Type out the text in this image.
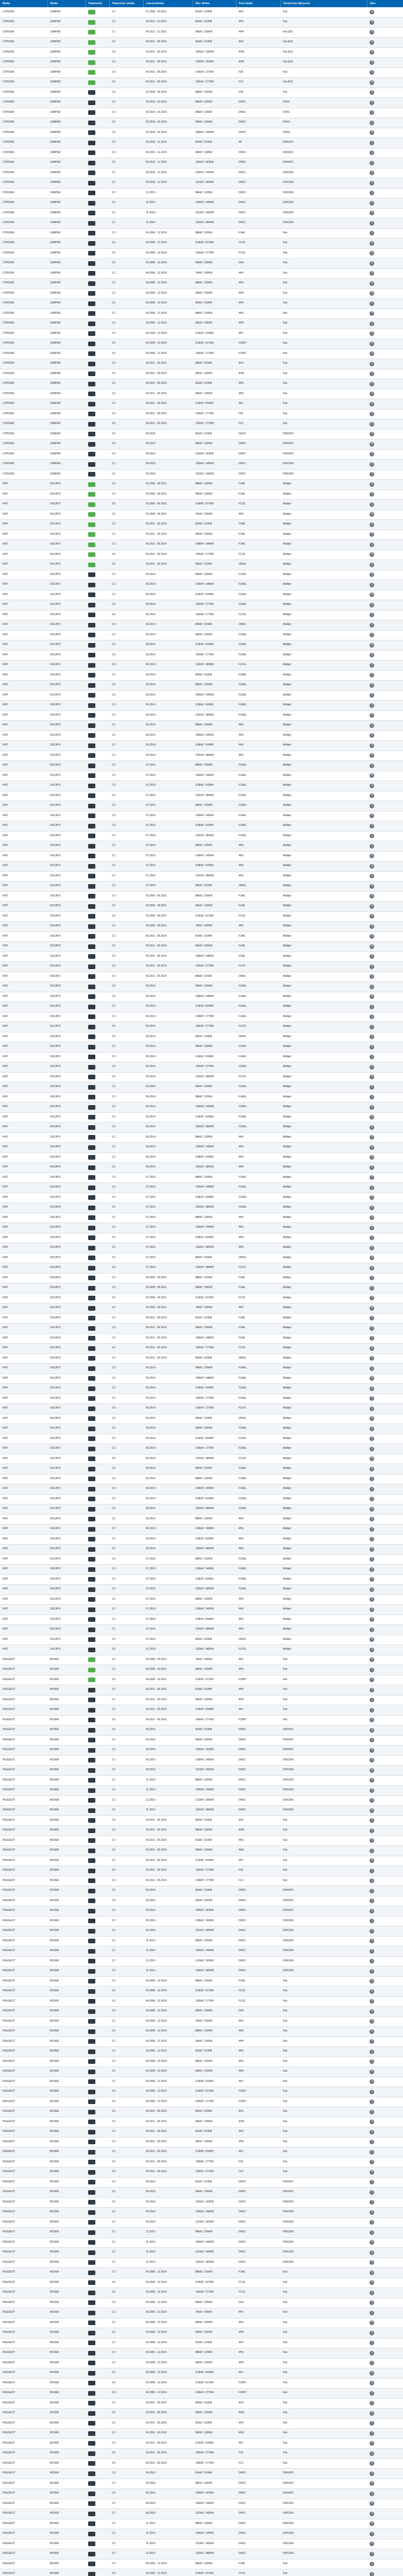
Marka	Model	Pojemność	Pojemność silnika	Lata produkcji	Moc silnika	Kod silnika	Oznaczenie fabryczne	Opis
CITROEN	JUMPER		2.2	07.2006 - 04.2011	81kW / 110KM	4HV	Fiat	i
CITROEN	JUMPER		2.2	04.2011 - 11.2015	81kW / 110KM	4HU	Fiat	i
CITROEN	JUMPER		2.2	04.2011 - 11.2015	96kW / 130KM	4HH	Fiat (E5)	i
CITROEN	JUMPER		2.0	04.2011 - 06.2016	81kW / 110KM	AHJ	Fiat (E5)	i
CITROEN	JUMPER		2.0	04.2011 - 06.2016	100kW / 136KM	AHN	Fiat (E5)	i
CITROEN	JUMPER		2.0	04.2011 - 06.2016	120kW / 163KM	AHG	Fiat (E5)	i
CITROEN	JUMPER		3.0	04.2011 - 06.2016	130kW / 177KM	F30	Fiat	i
CITROEN	JUMPER		3.0	04.2011 - 06.2016	130kW / 177KM	F1C	Fiat (E5)	i
CITROEN	JUMPER		1.6	02.2014 - 06.2016	88kW / 120KM	D30	Fiat	i
CITROEN	JUMPER		1.6	02.2014 - 06.2016	88kW / 120KM	DW10	DV6C	i
CITROEN	JUMPER		1.6	02.2014 - 06.2016	95kW / 130KM	DW10	DV6C	i
CITROEN	JUMPER		2.0	02.2014 - 06.2016	96kW / 130KM	DW10	DW10	i
CITROEN	JUMPER		2.0	02.2014 - 06.2016	100kW / 136KM	DW10	DW10	i
CITROEN	JUMPER		2.0	06.2016 - 11.2019	81kW / 110KM	4H	DW10FC	i
CITROEN	JUMPER		2.0	06.2016 - 11.2019	96kW / 130KM	DW10	DW10FC	i
CITROEN	JUMPER		2.0	06.2016 - 11.2019	120kW / 163KM	DW10	DW10FC	i
CITROEN	JUMPER		2.2	06.2016 - 11.2019	103kW / 140KM	DW12	DW12RU	i
CITROEN	JUMPER		2.2	06.2016 - 11.2019	121kW / 165KM	DW12	DW12RU	i
CITROEN	JUMPER		2.2	11.2019 -	88kW / 120KM	DW12	DW12RU	i
CITROEN	JUMPER		2.2	11.2019 -	103kW / 140KM	DW12	DW12RU	i
CITROEN	JUMPER		2.2	11.2019 -	121kW / 165KM	DW12	DW12RU	i
CITROEN	JUMPER		2.2	11.2019 -	132kW / 180KM	DW12	DW12RU	i
CITROEN	JUMPER		2.3	04.2006 - 12.2014	88kW / 120KM	F1AE	Fiat	i
CITROEN	JUMPER		3.0	04.2006 - 12.2014	116kW / 157KM	F1CE	Fiat	i
CITROEN	JUMPER		3.0	04.2006 - 12.2014	130kW / 177KM	F1CE	Fiat	i
CITROEN	JUMPER		2.0	04.2006 - 12.2014	80kW / 109KM	D4U	Fiat	i
CITROEN	JUMPER		2.2	04.2006 - 12.2014	74kW / 100KM	4HV	Fiat	i
CITROEN	JUMPER		2.2	04.2006 - 12.2014	88kW / 120KM	4HU	Fiat	i
CITROEN	JUMPER		2.2	04.2006 - 12.2014	96kW / 130KM	4HH	Fiat	i
CITROEN	JUMPER		2.2	04.2006 - 12.2014	81kW / 110KM	4HV	Fiat	i
CITROEN	JUMPER		2.2	04.2006 - 12.2014	88kW / 120KM	4HU	Fiat	i
CITROEN	JUMPER		2.2	04.2006 - 12.2014	96kW / 130KM	4HH	Fiat	i
CITROEN	JUMPER		2.2	04.2006 - 12.2014	110kW / 150KM	4HJ	Fiat	i
CITROEN	JUMPER		3.0	04.2006 - 12.2014	116kW / 157KM	F30DT	Fiat	i
CITROEN	JUMPER		3.0	04.2006 - 12.2014	130kW / 177KM	F30DT	Fiat	i
CITROEN	JUMPER		2.0	04.2011 - 06.2016	85kW / 115KM	AHJ	Fiat	i
CITROEN	JUMPER		2.0	04.2011 - 06.2016	96kW / 130KM	AHN	Fiat	i
CITROEN	JUMPER		2.2	04.2011 - 06.2016	81kW / 110KM	4HU	Fiat	i
CITROEN	JUMPER		2.2	04.2011 - 06.2016	96kW / 130KM	4HG	Fiat	i
CITROEN	JUMPER		2.2	04.2011 - 06.2016	110kW / 150KM	4HJ	Fiat	i
CITROEN	JUMPER		3.0	04.2011 - 06.2016	130kW / 177KM	F30	Fiat	i
CITROEN	JUMPER		3.0	04.2011 - 06.2016	130kW / 177KM	F1C	Fiat	i
CITROEN	JUMPER		2.0	06.2016 -	81kW / 110KM	DW10	DW10FD	i
CITROEN	JUMPER		2.0	06.2016 -	96kW / 130KM	DW10	DW10FD	i
CITROEN	JUMPER		2.0	06.2016 -	120kW / 163KM	DW10	DW10FD	i
CITROEN	JUMPER		2.2	06.2016 -	103kW / 140KM	DW12	DW12RU	i
CITROEN	JUMPER		2.2	06.2016 -	121kW / 165KM	DW12	DW12RU	i
FIAT	DUCATO		2.3	03.2006 - 06.2011	88kW / 120KM	F1AE	Multijet	i
FIAT	DUCATO		2.3	03.2006 - 06.2011	96kW / 130KM	F1AE	Multijet	i
FIAT	DUCATO		3.0	03.2006 - 06.2011	116kW / 157KM	F1CE	Multijet	i
FIAT	DUCATO		2.2	03.2006 - 06.2011	74kW / 100KM	4HV	Multijet	i
FIAT	DUCATO		2.3	06.2011 - 06.2014	81kW / 110KM	F1AE	Multijet	i
FIAT	DUCATO		2.3	06.2011 - 06.2014	96kW / 130KM	F1AE	Multijet	i
FIAT	DUCATO		2.3	06.2011 - 06.2014	109kW / 148KM	F1AE	Multijet	i
FIAT	DUCATO		3.0	06.2011 - 06.2014	130kW / 177KM	F1CE	Multijet	i
FIAT	DUCATO		2.0	06.2011 - 06.2014	85kW / 115KM	250A1	Multijet	i
FIAT	DUCATO		2.3	06.2014 -	96kW / 130KM	F1AGL	Multijet	i
FIAT	DUCATO		2.3	06.2014 -	109kW / 148KM	F1AGL	Multijet	i
FIAT	DUCATO		2.3	06.2014 -	110kW / 150KM	F1AGL	Multijet	i
FIAT	DUCATO		2.3	06.2014 -	130kW / 177KM	F1AGL	Multijet	i
FIAT	DUCATO		3.0	06.2014 -	130kW / 177KM	F1CFL	Multijet	i
FIAT	DUCATO		2.0	06.2014 -	85kW / 115KM	250A1	Multijet	i
FIAT	DUCATO		2.3	06.2014 -	96kW / 130KM	F1AGL	Multijet	i
FIAT	DUCATO		2.3	06.2014 -	110kW / 150KM	F1AGL	Multijet	i
FIAT	DUCATO		2.3	06.2014 -	130kW / 177KM	F1AGL	Multijet	i
FIAT	DUCATO		3.0	06.2014 -	132kW / 180KM	F1CFL	Multijet	i
FIAT	DUCATO		2.3	06.2014 -	85kW / 115KM	F1AGL	Multijet	i
FIAT	DUCATO		2.3	06.2014 -	88kW / 120KM	F1AGL	Multijet	i
FIAT	DUCATO		2.3	06.2014 -	103kW / 140KM	F1AGL	Multijet	i
FIAT	DUCATO		2.3	06.2014 -	118kW / 160KM	F1AGL	Multijet	i
FIAT	DUCATO		2.3	06.2014 -	132kW / 180KM	F1AGL	Multijet	i
FIAT	DUCATO		2.2	06.2014 -	88kW / 120KM	4HU	Multijet	i
FIAT	DUCATO		2.2	06.2014 -	103kW / 140KM	4HU	Multijet	i
FIAT	DUCATO		2.2	06.2014 -	118kW / 160KM	4HU	Multijet	i
FIAT	DUCATO		2.2	06.2014 -	132kW / 180KM	4HU	Multijet	i
FIAT	DUCATO		2.3	07.2019 -	88kW / 120KM	F1AGL	Multijet	i
FIAT	DUCATO		2.3	07.2019 -	103kW / 140KM	F1AGL	Multijet	i
FIAT	DUCATO		2.3	07.2019 -	118kW / 160KM	F1AGL	Multijet	i
FIAT	DUCATO		2.3	07.2019 -	132kW / 180KM	F1AGL	Multijet	i
FIAT	DUCATO		2.3	07.2019 -	88kW / 120KM	F1AGL	Multijet	i
FIAT	DUCATO		2.3	07.2019 -	103kW / 140KM	F1AGL	Multijet	i
FIAT	DUCATO		2.3	07.2019 -	118kW / 160KM	F1AGL	Multijet	i
FIAT	DUCATO		2.3	07.2019 -	132kW / 180KM	F1AGL	Multijet	i
FIAT	DUCATO		2.2	07.2019 -	88kW / 120KM	4HU	Multijet	i
FIAT	DUCATO		2.2	07.2019 -	103kW / 140KM	4HU	Multijet	i
FIAT	DUCATO		2.2	07.2019 -	118kW / 160KM	4HU	Multijet	i
FIAT	DUCATO		2.2	07.2019 -	132kW / 180KM	4HU	Multijet	i
FIAT	DUCATO		2.0	07.2019 -	85kW / 115KM	250A1	Multijet	i
FIAT	DUCATO		2.3	03.2006 - 06.2011	88kW / 120KM	F1AE	Multijet	i
FIAT	DUCATO		2.3	03.2006 - 06.2011	96kW / 130KM	F1AE	Multijet	i
FIAT	DUCATO		3.0	03.2006 - 06.2011	116kW / 157KM	F1CE	Multijet	i
FIAT	DUCATO		2.2	03.2006 - 06.2011	74kW / 100KM	4HV	Multijet	i
FIAT	DUCATO		2.3	06.2011 - 06.2014	81kW / 110KM	F1AE	Multijet	i
FIAT	DUCATO		2.3	06.2011 - 06.2014	96kW / 130KM	F1AE	Multijet	i
FIAT	DUCATO		2.3	06.2011 - 06.2014	109kW / 148KM	F1AE	Multijet	i
FIAT	DUCATO		3.0	06.2011 - 06.2014	130kW / 177KM	F1CE	Multijet	i
FIAT	DUCATO		2.0	06.2011 - 06.2014	85kW / 115KM	250A1	Multijet	i
FIAT	DUCATO		2.3	06.2014 -	96kW / 130KM	F1AGL	Multijet	i
FIAT	DUCATO		2.3	06.2014 -	109kW / 148KM	F1AGL	Multijet	i
FIAT	DUCATO		2.3	06.2014 -	110kW / 150KM	F1AGL	Multijet	i
FIAT	DUCATO		2.3	06.2014 -	130kW / 177KM	F1AGL	Multijet	i
FIAT	DUCATO		3.0	06.2014 -	130kW / 177KM	F1CFL	Multijet	i
FIAT	DUCATO		2.0	06.2014 -	85kW / 115KM	250A1	Multijet	i
FIAT	DUCATO		2.3	06.2014 -	96kW / 130KM	F1AGL	Multijet	i
FIAT	DUCATO		2.3	06.2014 -	110kW / 150KM	F1AGL	Multijet	i
FIAT	DUCATO		2.3	06.2014 -	130kW / 177KM	F1AGL	Multijet	i
FIAT	DUCATO		3.0	06.2014 -	132kW / 180KM	F1CFL	Multijet	i
FIAT	DUCATO		2.3	06.2014 -	85kW / 115KM	F1AGL	Multijet	i
FIAT	DUCATO		2.3	06.2014 -	88kW / 120KM	F1AGL	Multijet	i
FIAT	DUCATO		2.3	06.2014 -	103kW / 140KM	F1AGL	Multijet	i
FIAT	DUCATO		2.3	06.2014 -	118kW / 160KM	F1AGL	Multijet	i
FIAT	DUCATO		2.3	06.2014 -	132kW / 180KM	F1AGL	Multijet	i
FIAT	DUCATO		2.2	06.2014 -	88kW / 120KM	4HU	Multijet	i
FIAT	DUCATO		2.2	06.2014 -	103kW / 140KM	4HU	Multijet	i
FIAT	DUCATO		2.2	06.2014 -	118kW / 160KM	4HU	Multijet	i
FIAT	DUCATO		2.2	06.2014 -	132kW / 180KM	4HU	Multijet	i
FIAT	DUCATO		2.3	07.2019 -	88kW / 120KM	F1AGL	Multijet	i
FIAT	DUCATO		2.3	07.2019 -	103kW / 140KM	F1AGL	Multijet	i
FIAT	DUCATO		2.3	07.2019 -	118kW / 160KM	F1AGL	Multijet	i
FIAT	DUCATO		2.3	07.2019 -	132kW / 180KM	F1AGL	Multijet	i
FIAT	DUCATO		2.2	07.2019 -	88kW / 120KM	4HU	Multijet	i
FIAT	DUCATO		2.2	07.2019 -	103kW / 140KM	4HU	Multijet	i
FIAT	DUCATO		2.2	07.2019 -	118kW / 160KM	4HU	Multijet	i
FIAT	DUCATO		2.2	07.2019 -	132kW / 180KM	4HU	Multijet	i
FIAT	DUCATO		2.0	07.2019 -	85kW / 115KM	250A1	Multijet	i
FIAT	DUCATO		3.0	07.2019 -	132kW / 180KM	F1CFL	Multijet	i
FIAT	DUCATO		2.3	03.2006 - 06.2011	88kW / 120KM	F1AE	Multijet	i
FIAT	DUCATO		2.3	03.2006 - 06.2011	96kW / 130KM	F1AE	Multijet	i
FIAT	DUCATO		3.0	03.2006 - 06.2011	116kW / 157KM	F1CE	Multijet	i
FIAT	DUCATO		2.2	03.2006 - 06.2011	74kW / 100KM	4HV	Multijet	i
FIAT	DUCATO		2.3	06.2011 - 06.2014	81kW / 110KM	F1AE	Multijet	i
FIAT	DUCATO		2.3	06.2011 - 06.2014	96kW / 130KM	F1AE	Multijet	i
FIAT	DUCATO		2.3	06.2011 - 06.2014	109kW / 148KM	F1AE	Multijet	i
FIAT	DUCATO		3.0	06.2011 - 06.2014	130kW / 177KM	F1CE	Multijet	i
FIAT	DUCATO		2.0	06.2011 - 06.2014	85kW / 115KM	250A1	Multijet	i
FIAT	DUCATO		2.3	06.2014 -	96kW / 130KM	F1AGL	Multijet	i
FIAT	DUCATO		2.3	06.2014 -	109kW / 148KM	F1AGL	Multijet	i
FIAT	DUCATO		2.3	06.2014 -	110kW / 150KM	F1AGL	Multijet	i
FIAT	DUCATO		2.3	06.2014 -	130kW / 177KM	F1AGL	Multijet	i
FIAT	DUCATO		3.0	06.2014 -	130kW / 177KM	F1CFL	Multijet	i
FIAT	DUCATO		2.0	06.2014 -	85kW / 115KM	250A1	Multijet	i
FIAT	DUCATO		2.3	06.2014 -	96kW / 130KM	F1AGL	Multijet	i
FIAT	DUCATO		2.3	06.2014 -	110kW / 150KM	F1AGL	Multijet	i
FIAT	DUCATO		2.3	06.2014 -	130kW / 177KM	F1AGL	Multijet	i
FIAT	DUCATO		3.0	06.2014 -	132kW / 180KM	F1CFL	Multijet	i
FIAT	DUCATO		2.3	06.2014 -	85kW / 115KM	F1AGL	Multijet	i
FIAT	DUCATO		2.3	06.2014 -	88kW / 120KM	F1AGL	Multijet	i
FIAT	DUCATO		2.3	06.2014 -	103kW / 140KM	F1AGL	Multijet	i
FIAT	DUCATO		2.3	06.2014 -	118kW / 160KM	F1AGL	Multijet	i
FIAT	DUCATO		2.3	06.2014 -	132kW / 180KM	F1AGL	Multijet	i
FIAT	DUCATO		2.2	06.2014 -	88kW / 120KM	4HU	Multijet	i
FIAT	DUCATO		2.2	06.2014 -	103kW / 140KM	4HU	Multijet	i
FIAT	DUCATO		2.2	06.2014 -	118kW / 160KM	4HU	Multijet	i
FIAT	DUCATO		2.2	06.2014 -	132kW / 180KM	4HU	Multijet	i
FIAT	DUCATO		2.3	07.2019 -	88kW / 120KM	F1AGL	Multijet	i
FIAT	DUCATO		2.3	07.2019 -	103kW / 140KM	F1AGL	Multijet	i
FIAT	DUCATO		2.3	07.2019 -	118kW / 160KM	F1AGL	Multijet	i
FIAT	DUCATO		2.3	07.2019 -	132kW / 180KM	F1AGL	Multijet	i
FIAT	DUCATO		2.2	07.2019 -	88kW / 120KM	4HU	Multijet	i
FIAT	DUCATO		2.2	07.2019 -	103kW / 140KM	4HU	Multijet	i
FIAT	DUCATO		2.2	07.2019 -	118kW / 160KM	4HU	Multijet	i
FIAT	DUCATO		2.2	07.2019 -	132kW / 180KM	4HU	Multijet	i
FIAT	DUCATO		2.0	07.2019 -	85kW / 115KM	250A1	Multijet	i
FIAT	DUCATO		3.0	07.2019 -	132kW / 180KM	F1CFL	Multijet	i
PEUGEOT	BOXER		2.2	04.2006 - 04.2011	74kW / 100KM	4HV	Fiat	i
PEUGEOT	BOXER		2.2	04.2006 - 04.2011	88kW / 120KM	4HU	Fiat	i
PEUGEOT	BOXER		3.0	04.2006 - 04.2011	116kW / 157KM	F30DT	Fiat	i
PEUGEOT	BOXER		2.2	04.2011 - 06.2016	81kW / 110KM	4HU	Fiat	i
PEUGEOT	BOXER		2.2	04.2011 - 06.2016	96kW / 130KM	4HH	Fiat	i
PEUGEOT	BOXER		2.2	04.2011 - 06.2016	110kW / 150KM	4HJ	Fiat	i
PEUGEOT	BOXER		3.0	04.2011 - 06.2016	130kW / 177KM	F30DT	Fiat	i
PEUGEOT	BOXER		2.0	06.2016 -	81kW / 110KM	DW10	DW10FD	i
PEUGEOT	BOXER		2.0	06.2016 -	96kW / 130KM	DW10	DW10FD	i
PEUGEOT	BOXER		2.0	06.2016 -	120kW / 163KM	DW10	DW10FD	i
PEUGEOT	BOXER		2.2	06.2016 -	103kW / 140KM	DW12	DW12RU	i
PEUGEOT	BOXER		2.2	06.2016 -	121kW / 165KM	DW12	DW12RU	i
PEUGEOT	BOXER		2.2	11.2019 -	88kW / 120KM	DW12	DW12RU	i
PEUGEOT	BOXER		2.2	11.2019 -	103kW / 140KM	DW12	DW12RU	i
PEUGEOT	BOXER		2.2	11.2019 -	121kW / 165KM	DW12	DW12RU	i
PEUGEOT	BOXER		2.2	11.2019 -	132kW / 180KM	DW12	DW12RU	i
PEUGEOT	BOXER		2.0	04.2011 - 06.2016	85kW / 115KM	AHJ	Fiat	i
PEUGEOT	BOXER		2.0	04.2011 - 06.2016	96kW / 130KM	AHN	Fiat	i
PEUGEOT	BOXER		2.2	04.2011 - 06.2016	81kW / 110KM	4HU	Fiat	i
PEUGEOT	BOXER		2.2	04.2011 - 06.2016	96kW / 130KM	4HG	Fiat	i
PEUGEOT	BOXER		2.2	04.2011 - 06.2016	110kW / 150KM	4HJ	Fiat	i
PEUGEOT	BOXER		3.0	04.2011 - 06.2016	130kW / 177KM	F30	Fiat	i
PEUGEOT	BOXER		3.0	04.2011 - 06.2016	130kW / 177KM	F1C	Fiat	i
PEUGEOT	BOXER		2.0	06.2016 -	81kW / 110KM	DW10	DW10FD	i
PEUGEOT	BOXER		2.0	06.2016 -	96kW / 130KM	DW10	DW10FD	i
PEUGEOT	BOXER		2.0	06.2016 -	120kW / 163KM	DW10	DW10FD	i
PEUGEOT	BOXER		2.2	06.2016 -	103kW / 140KM	DW12	DW12RU	i
PEUGEOT	BOXER		2.2	06.2016 -	121kW / 165KM	DW12	DW12RU	i
PEUGEOT	BOXER		2.2	11.2019 -	88kW / 120KM	DW12	DW12RU	i
PEUGEOT	BOXER		2.2	11.2019 -	103kW / 140KM	DW12	DW12RU	i
PEUGEOT	BOXER		2.2	11.2019 -	121kW / 165KM	DW12	DW12RU	i
PEUGEOT	BOXER		2.2	11.2019 -	132kW / 180KM	DW12	DW12RU	i
PEUGEOT	BOXER		2.3	04.2006 - 12.2014	88kW / 120KM	F1AE	Fiat	i
PEUGEOT	BOXER		3.0	04.2006 - 12.2014	116kW / 157KM	F1CE	Fiat	i
PEUGEOT	BOXER		3.0	04.2006 - 12.2014	130kW / 177KM	F1CE	Fiat	i
PEUGEOT	BOXER		2.0	04.2006 - 12.2014	80kW / 109KM	D4U	Fiat	i
PEUGEOT	BOXER		2.2	04.2006 - 12.2014	74kW / 100KM	4HV	Fiat	i
PEUGEOT	BOXER		2.2	04.2006 - 12.2014	88kW / 120KM	4HU	Fiat	i
PEUGEOT	BOXER		2.2	04.2006 - 12.2014	96kW / 130KM	4HH	Fiat	i
PEUGEOT	BOXER		2.2	04.2006 - 12.2014	81kW / 110KM	4HV	Fiat	i
PEUGEOT	BOXER		2.2	04.2006 - 12.2014	88kW / 120KM	4HU	Fiat	i
PEUGEOT	BOXER		2.2	04.2006 - 12.2014	96kW / 130KM	4HH	Fiat	i
PEUGEOT	BOXER		2.2	04.2006 - 12.2014	110kW / 150KM	4HJ	Fiat	i
PEUGEOT	BOXER		3.0	04.2006 - 12.2014	116kW / 157KM	F30DT	Fiat	i
PEUGEOT	BOXER		3.0	04.2006 - 12.2014	130kW / 177KM	F30DT	Fiat	i
PEUGEOT	BOXER		2.0	04.2011 - 06.2016	85kW / 115KM	AHJ	Fiat	i
PEUGEOT	BOXER		2.0	04.2011 - 06.2016	96kW / 130KM	AHN	Fiat	i
PEUGEOT	BOXER		2.2	04.2011 - 06.2016	81kW / 110KM	4HU	Fiat	i
PEUGEOT	BOXER		2.2	04.2011 - 06.2016	96kW / 130KM	4HG	Fiat	i
PEUGEOT	BOXER		2.2	04.2011 - 06.2016	110kW / 150KM	4HJ	Fiat	i
PEUGEOT	BOXER		3.0	04.2011 - 06.2016	130kW / 177KM	F30	Fiat	i
PEUGEOT	BOXER		3.0	04.2011 - 06.2016	130kW / 177KM	F1C	Fiat	i
PEUGEOT	BOXER		2.0	06.2016 -	81kW / 110KM	DW10	DW10FD	i
PEUGEOT	BOXER		2.0	06.2016 -	96kW / 130KM	DW10	DW10FD	i
PEUGEOT	BOXER		2.0	06.2016 -	120kW / 163KM	DW10	DW10FD	i
PEUGEOT	BOXER		2.2	06.2016 -	103kW / 140KM	DW12	DW12RU	i
PEUGEOT	BOXER		2.2	06.2016 -	121kW / 165KM	DW12	DW12RU	i
PEUGEOT	BOXER		2.2	11.2019 -	88kW / 120KM	DW12	DW12RU	i
PEUGEOT	BOXER		2.2	11.2019 -	103kW / 140KM	DW12	DW12RU	i
PEUGEOT	BOXER		2.2	11.2019 -	121kW / 165KM	DW12	DW12RU	i
PEUGEOT	BOXER		2.2	11.2019 -	132kW / 180KM	DW12	DW12RU	i
PEUGEOT	BOXER		2.3	04.2006 - 12.2014	88kW / 120KM	F1AE	Fiat	i
PEUGEOT	BOXER		3.0	04.2006 - 12.2014	116kW / 157KM	F1CE	Fiat	i
PEUGEOT	BOXER		3.0	04.2006 - 12.2014	130kW / 177KM	F1CE	Fiat	i
PEUGEOT	BOXER		2.0	04.2006 - 12.2014	80kW / 109KM	D4U	Fiat	i
PEUGEOT	BOXER		2.2	04.2006 - 12.2014	74kW / 100KM	4HV	Fiat	i
PEUGEOT	BOXER		2.2	04.2006 - 12.2014	88kW / 120KM	4HU	Fiat	i
PEUGEOT	BOXER		2.2	04.2006 - 12.2014	96kW / 130KM	4HH	Fiat	i
PEUGEOT	BOXER		2.2	04.2006 - 12.2014	81kW / 110KM	4HV	Fiat	i
PEUGEOT	BOXER		2.2	04.2006 - 12.2014	88kW / 120KM	4HU	Fiat	i
PEUGEOT	BOXER		2.2	04.2006 - 12.2014	96kW / 130KM	4HH	Fiat	i
PEUGEOT	BOXER		2.2	04.2006 - 12.2014	110kW / 150KM	4HJ	Fiat	i
PEUGEOT	BOXER		3.0	04.2006 - 12.2014	116kW / 157KM	F30DT	Fiat	i
PEUGEOT	BOXER		3.0	04.2006 - 12.2014	130kW / 177KM	F30DT	Fiat	i
PEUGEOT	BOXER		2.0	04.2011 - 06.2016	85kW / 115KM	AHJ	Fiat	i
PEUGEOT	BOXER		2.0	04.2011 - 06.2016	96kW / 130KM	AHN	Fiat	i
PEUGEOT	BOXER		2.2	04.2011 - 06.2016	81kW / 110KM	4HU	Fiat	i
PEUGEOT	BOXER		2.2	04.2011 - 06.2016	96kW / 130KM	4HG	Fiat	i
PEUGEOT	BOXER		2.2	04.2011 - 06.2016	110kW / 150KM	4HJ	Fiat	i
PEUGEOT	BOXER		3.0	04.2011 - 06.2016	130kW / 177KM	F30	Fiat	i
PEUGEOT	BOXER		3.0	04.2011 - 06.2016	130kW / 177KM	F1C	Fiat	i
PEUGEOT	BOXER		2.0	06.2016 -	81kW / 110KM	DW10	DW10FD	i
PEUGEOT	BOXER		2.0	06.2016 -	96kW / 130KM	DW10	DW10FD	i
PEUGEOT	BOXER		2.0	06.2016 -	120kW / 163KM	DW10	DW10FD	i
PEUGEOT	BOXER		2.2	06.2016 -	103kW / 140KM	DW12	DW12RU	i
PEUGEOT	BOXER		2.2	06.2016 -	121kW / 165KM	DW12	DW12RU	i
PEUGEOT	BOXER		2.2	11.2019 -	88kW / 120KM	DW12	DW12RU	i
PEUGEOT	BOXER		2.2	11.2019 -	103kW / 140KM	DW12	DW12RU	i
PEUGEOT	BOXER		2.2	11.2019 -	121kW / 165KM	DW12	DW12RU	i
PEUGEOT	BOXER		2.2	11.2019 -	132kW / 180KM	DW12	DW12RU	i
PEUGEOT	BOXER		2.3	04.2006 - 12.2014	88kW / 120KM	F1AE	Fiat	i
PEUGEOT	BOXER		3.0	04.2006 - 12.2014	116kW / 157KM	F1CE	Fiat	i
